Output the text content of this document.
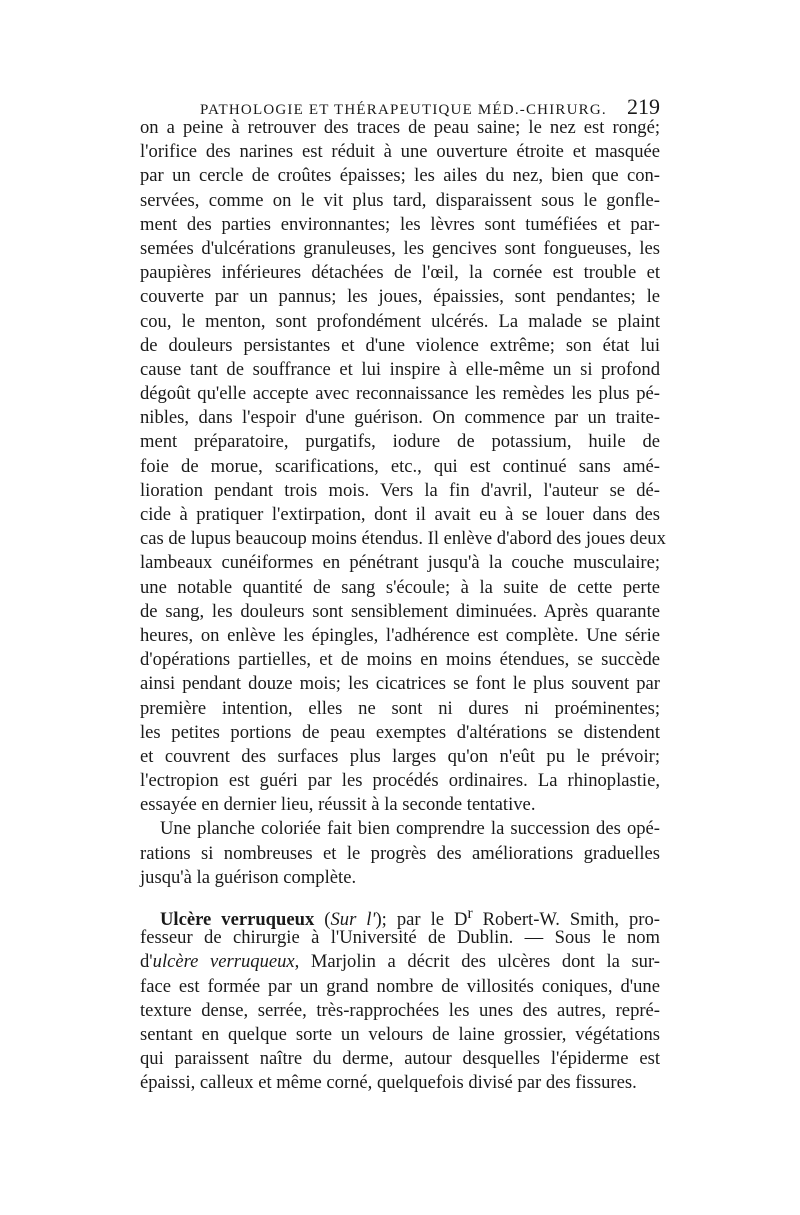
PATHOLOGIE ET THÉRAPEUTIQUE MÉD.-CHIRURG. 219
on a peine à retrouver des traces de peau saine; le nez est rongé;
l'orifice des narines est réduit à une ouverture étroite et masquée
par un cercle de croûtes épaisses; les ailes du nez, bien que con-
servées, comme on le vit plus tard, disparaissent sous le gonfle-
ment des parties environnantes; les lèvres sont tuméfiées et par-
semées d'ulcérations granuleuses, les gencives sont fongueuses, les
paupières inférieures détachées de l'œil, la cornée est trouble et
couverte par un pannus; les joues, épaissies, sont pendantes; le
cou, le menton, sont profondément ulcérés. La malade se plaint
de douleurs persistantes et d'une violence extrême; son état lui
cause tant de souffrance et lui inspire à elle-même un si profond
dégoût qu'elle accepte avec reconnaissance les remèdes les plus pé-
nibles, dans l'espoir d'une guérison. On commence par un traite-
ment préparatoire, purgatifs, iodure de potassium, huile de
foie de morue, scarifications, etc., qui est continué sans amé-
lioration pendant trois mois. Vers la fin d'avril, l'auteur se dé-
cide à pratiquer l'extirpation, dont il avait eu à se louer dans des
cas de lupus beaucoup moins étendus. Il enlève d'abord des joues deux
lambeaux cunéiformes en pénétrant jusqu'à la couche musculaire;
une notable quantité de sang s'écoule; à la suite de cette perte
de sang, les douleurs sont sensiblement diminuées. Après quarante
heures, on enlève les épingles, l'adhérence est complète. Une série
d'opérations partielles, et de moins en moins étendues, se succède
ainsi pendant douze mois; les cicatrices se font le plus souvent par
première intention, elles ne sont ni dures ni proéminentes;
les petites portions de peau exemptes d'altérations se distendent
et couvrent des surfaces plus larges qu'on n'eût pu le prévoir;
l'ectropion est guéri par les procédés ordinaires. La rhinoplastie,
essayée en dernier lieu, réussit à la seconde tentative.
Une planche coloriée fait bien comprendre la succession des opé-
rations si nombreuses et le progrès des améliorations graduelles
jusqu'à la guérison complète.
Ulcère verruqueux (Sur l'); par le $D^r$ Robert-W. Smith, pro-
fesseur de chirurgie à l'Université de Dublin. — Sous le nom
d'ulcère verruqueux, Marjolin a décrit des ulcères dont la sur-
face est formée par un grand nombre de villosités coniques, d'une
texture dense, serrée, très-rapprochées les unes des autres, repré-
sentant en quelque sorte un velours de laine grossier, végétations
qui paraissent naître du derme, autour desquelles l'épiderme est
épaissi, calleux et même corné, quelquefois divisé par des fissures.
